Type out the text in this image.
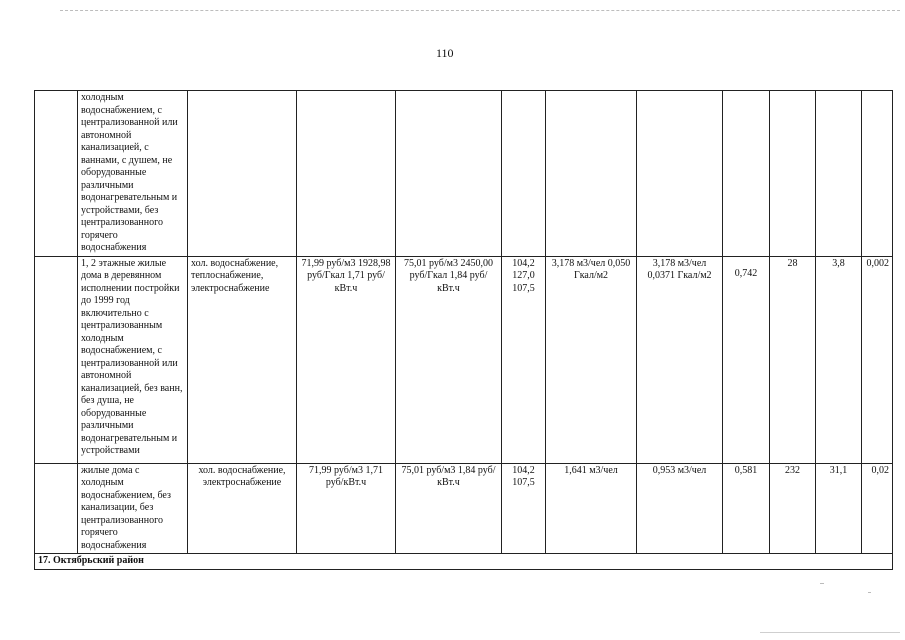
110
	холодным водоснабжением, с централизованной или автономной канализацией, с ваннами, с душем, не оборудованные различными водонагревательным и устройствами, без централизованного горячего водоснабжения										
	1, 2 этажные жилые дома в деревянном исполнении постройки до 1999 год включительно с централизованным холодным водоснабжением, с централизованной или автономной канализацией, без ванн, без душа, не оборудованные различными водонагревательным и устройствами	хол. водоснабжение, теплоснабжение, электроснабжение	71,99 руб/м3 1928,98 руб/Гкал 1,71 руб/кВт.ч	75,01 руб/м3 2450,00 руб/Гкал 1,84 руб/кВт.ч	104,2 127,0 107,5	3,178 м3/чел 0,050 Гкал/м2	3,178 м3/чел 0,0371 Гкал/м2	0,742	28	3,8	0,002
	жилые дома с холодным водоснабжением, без канализации, без централизованного горячего водоснабжения	хол. водоснабжение, электроснабжение	71,99 руб/м3 1,71 руб/кВт.ч	75,01 руб/м3 1,84 руб/кВт.ч	104,2 107,5	1,641 м3/чел	0,953 м3/чел	0,581	232	31,1	0,02
17. Октябрьский район											
